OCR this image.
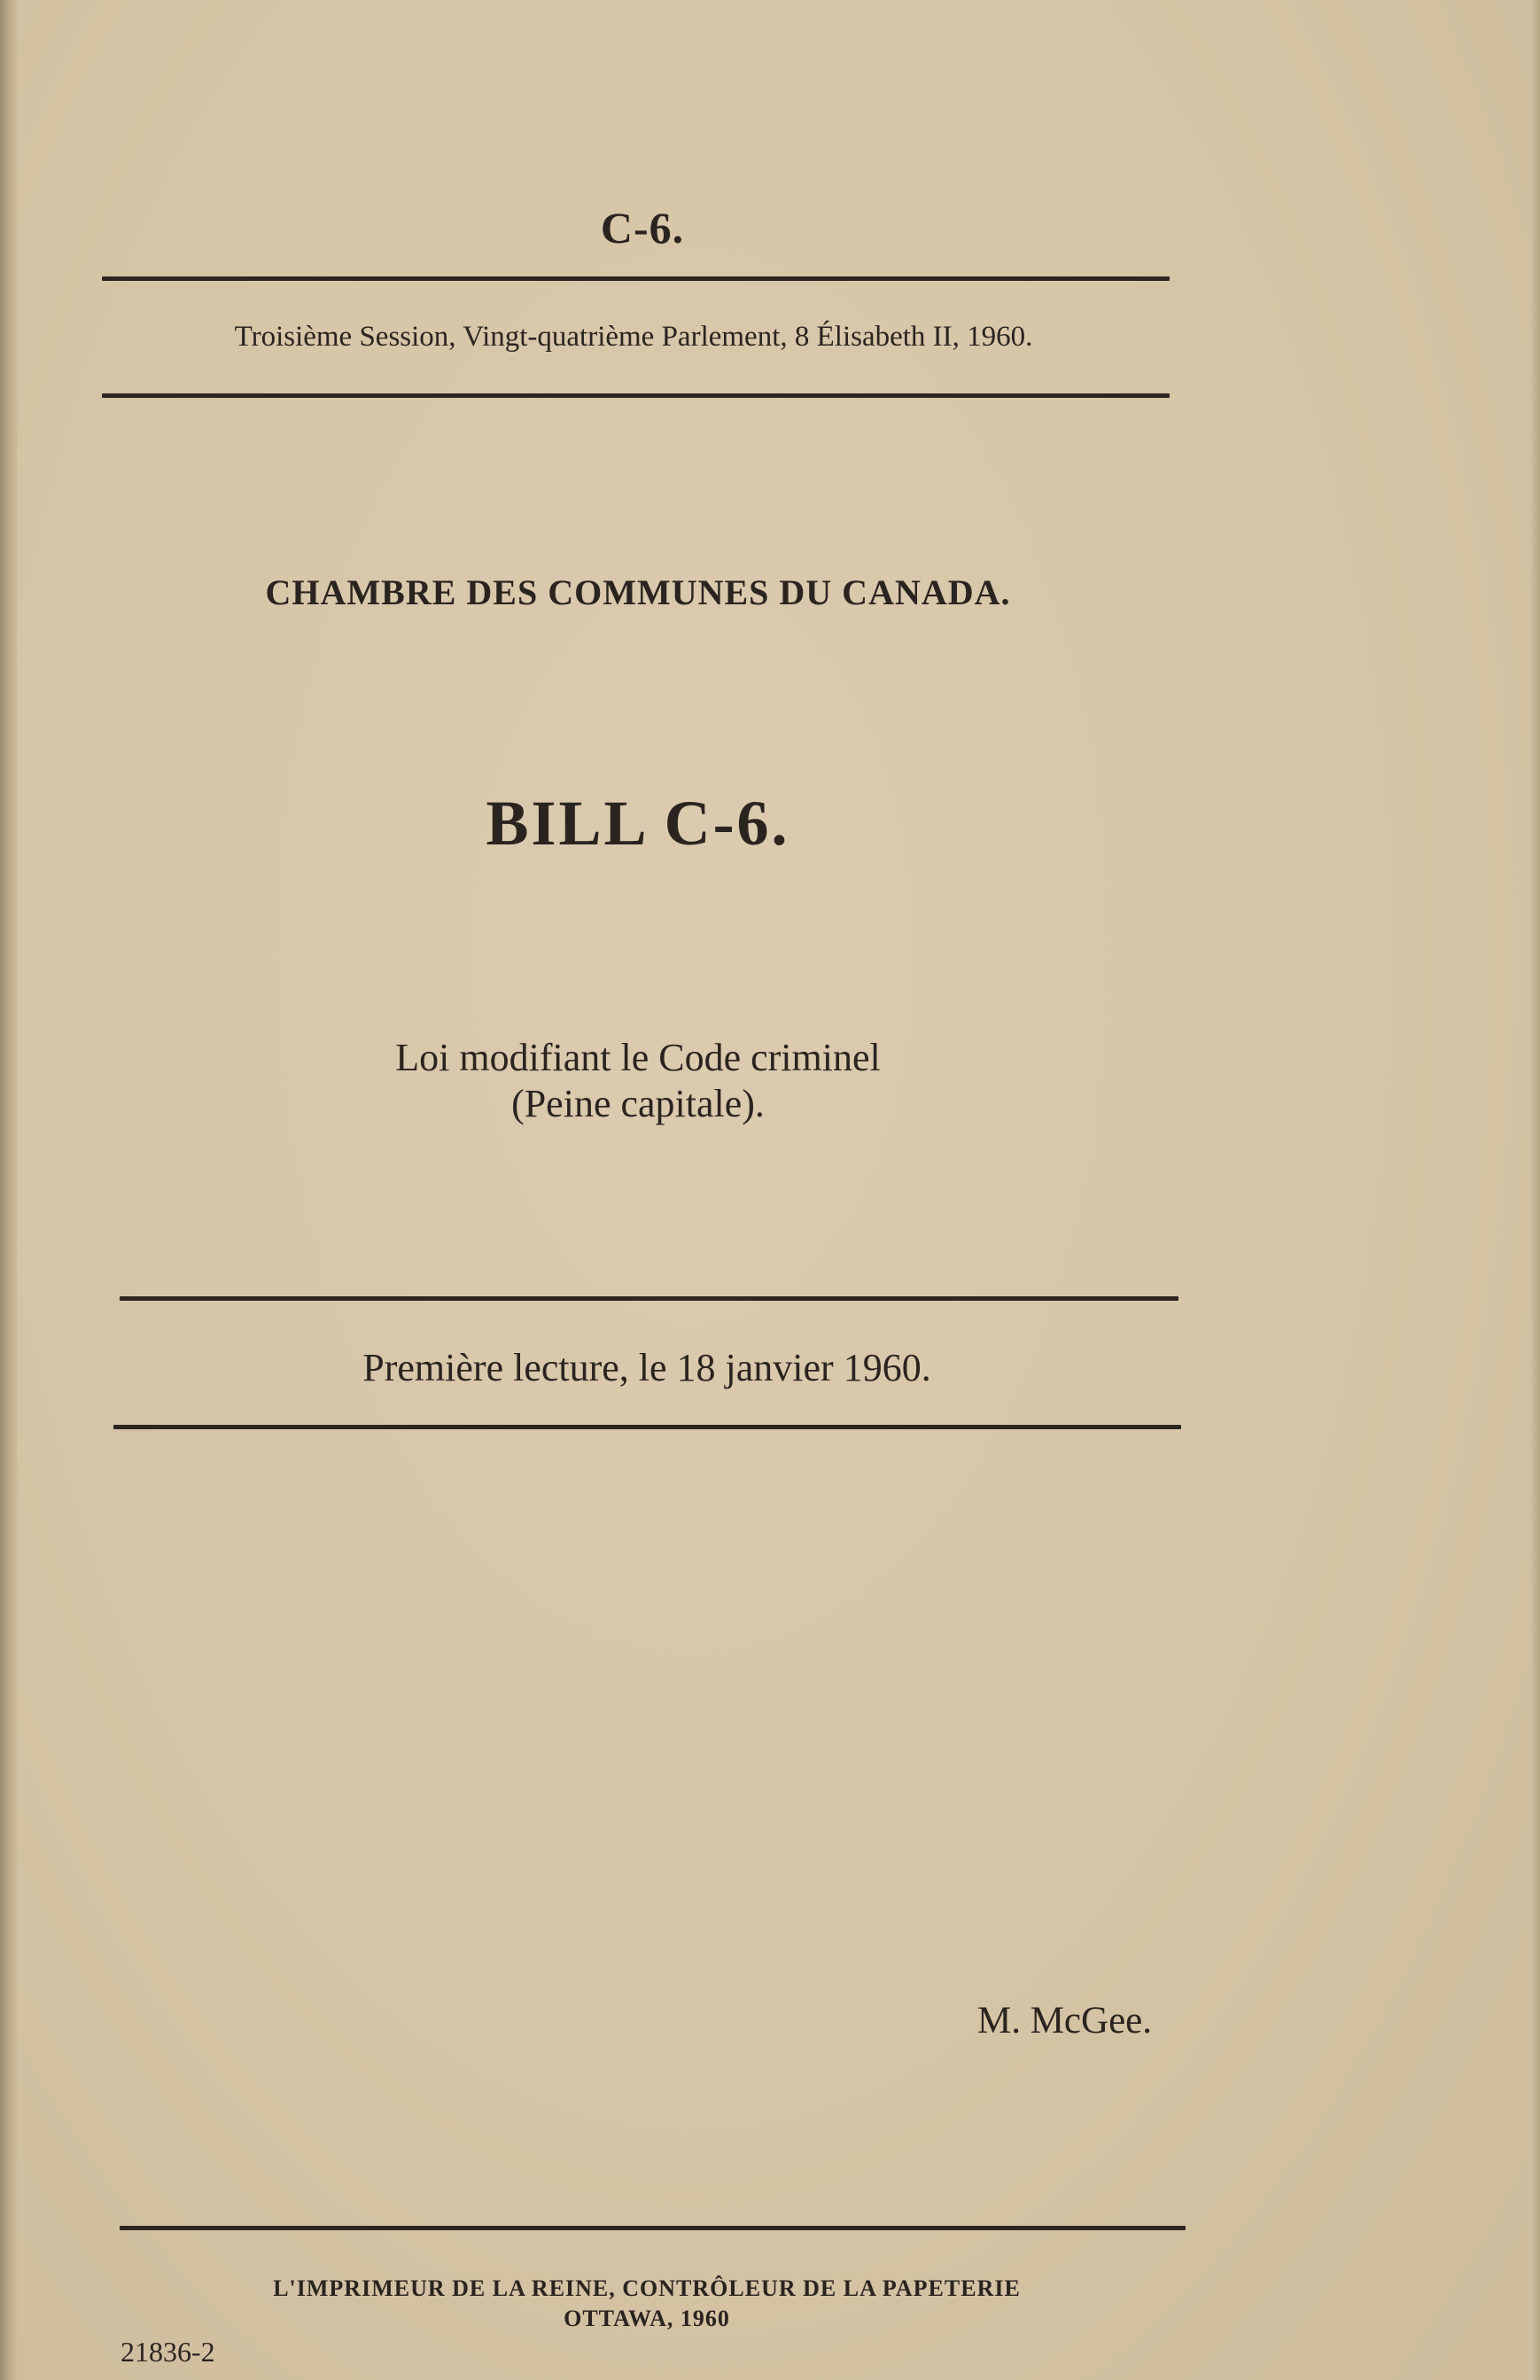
C-6.
Troisième Session, Vingt-quatrième Parlement, 8 Élisabeth II, 1960.
CHAMBRE DES COMMUNES DU CANADA.
BILL C-6.
Loi modifiant le Code criminel
(Peine capitale).
Première lecture, le 18 janvier 1960.
M. McGee.
L'IMPRIMEUR DE LA REINE, CONTRÔLEUR DE LA PAPETERIE
OTTAWA, 1960
21836-2
